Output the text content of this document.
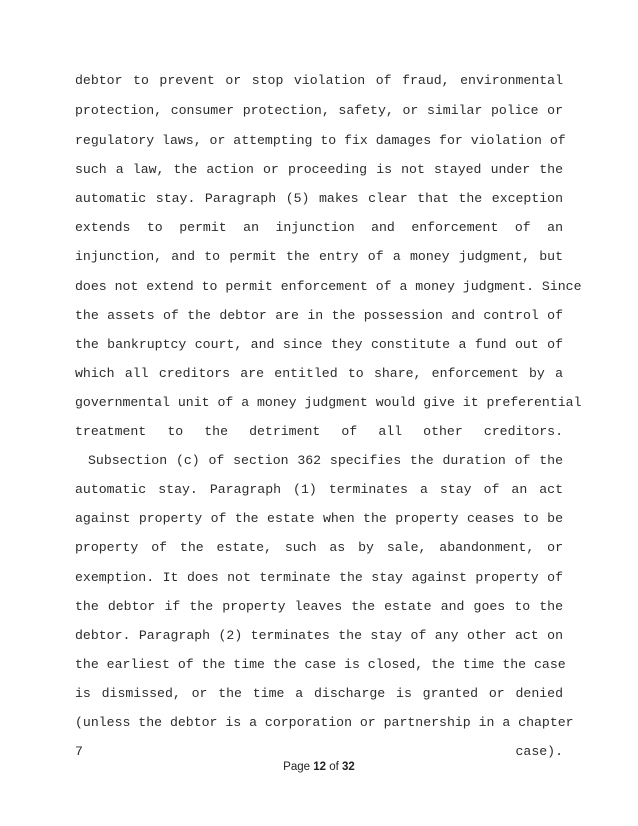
debtor to prevent or stop violation of fraud, environmental
protection, consumer protection, safety, or similar police or
regulatory laws, or attempting to fix damages for violation of
such a law, the action or proceeding is not stayed under the
automatic stay. Paragraph (5) makes clear that the exception
extends to permit an injunction and enforcement of an
injunction, and to permit the entry of a money judgment, but
does not extend to permit enforcement of a money judgment. Since
the assets of the debtor are in the possession and control of
the bankruptcy court, and since they constitute a fund out of
which all creditors are entitled to share, enforcement by a
governmental unit of a money judgment would give it preferential
treatment to the detriment of all other creditors.
Subsection (c) of section 362 specifies the duration of the
automatic stay. Paragraph (1) terminates a stay of an act
against property of the estate when the property ceases to be
property of the estate, such as by sale, abandonment, or
exemption. It does not terminate the stay against property of
the debtor if the property leaves the estate and goes to the
debtor. Paragraph (2) terminates the stay of any other act on
the earliest of the time the case is closed, the time the case
is dismissed, or the time a discharge is granted or denied
(unless the debtor is a corporation or partnership in a chapter
7 case).
Page 12 of 32
